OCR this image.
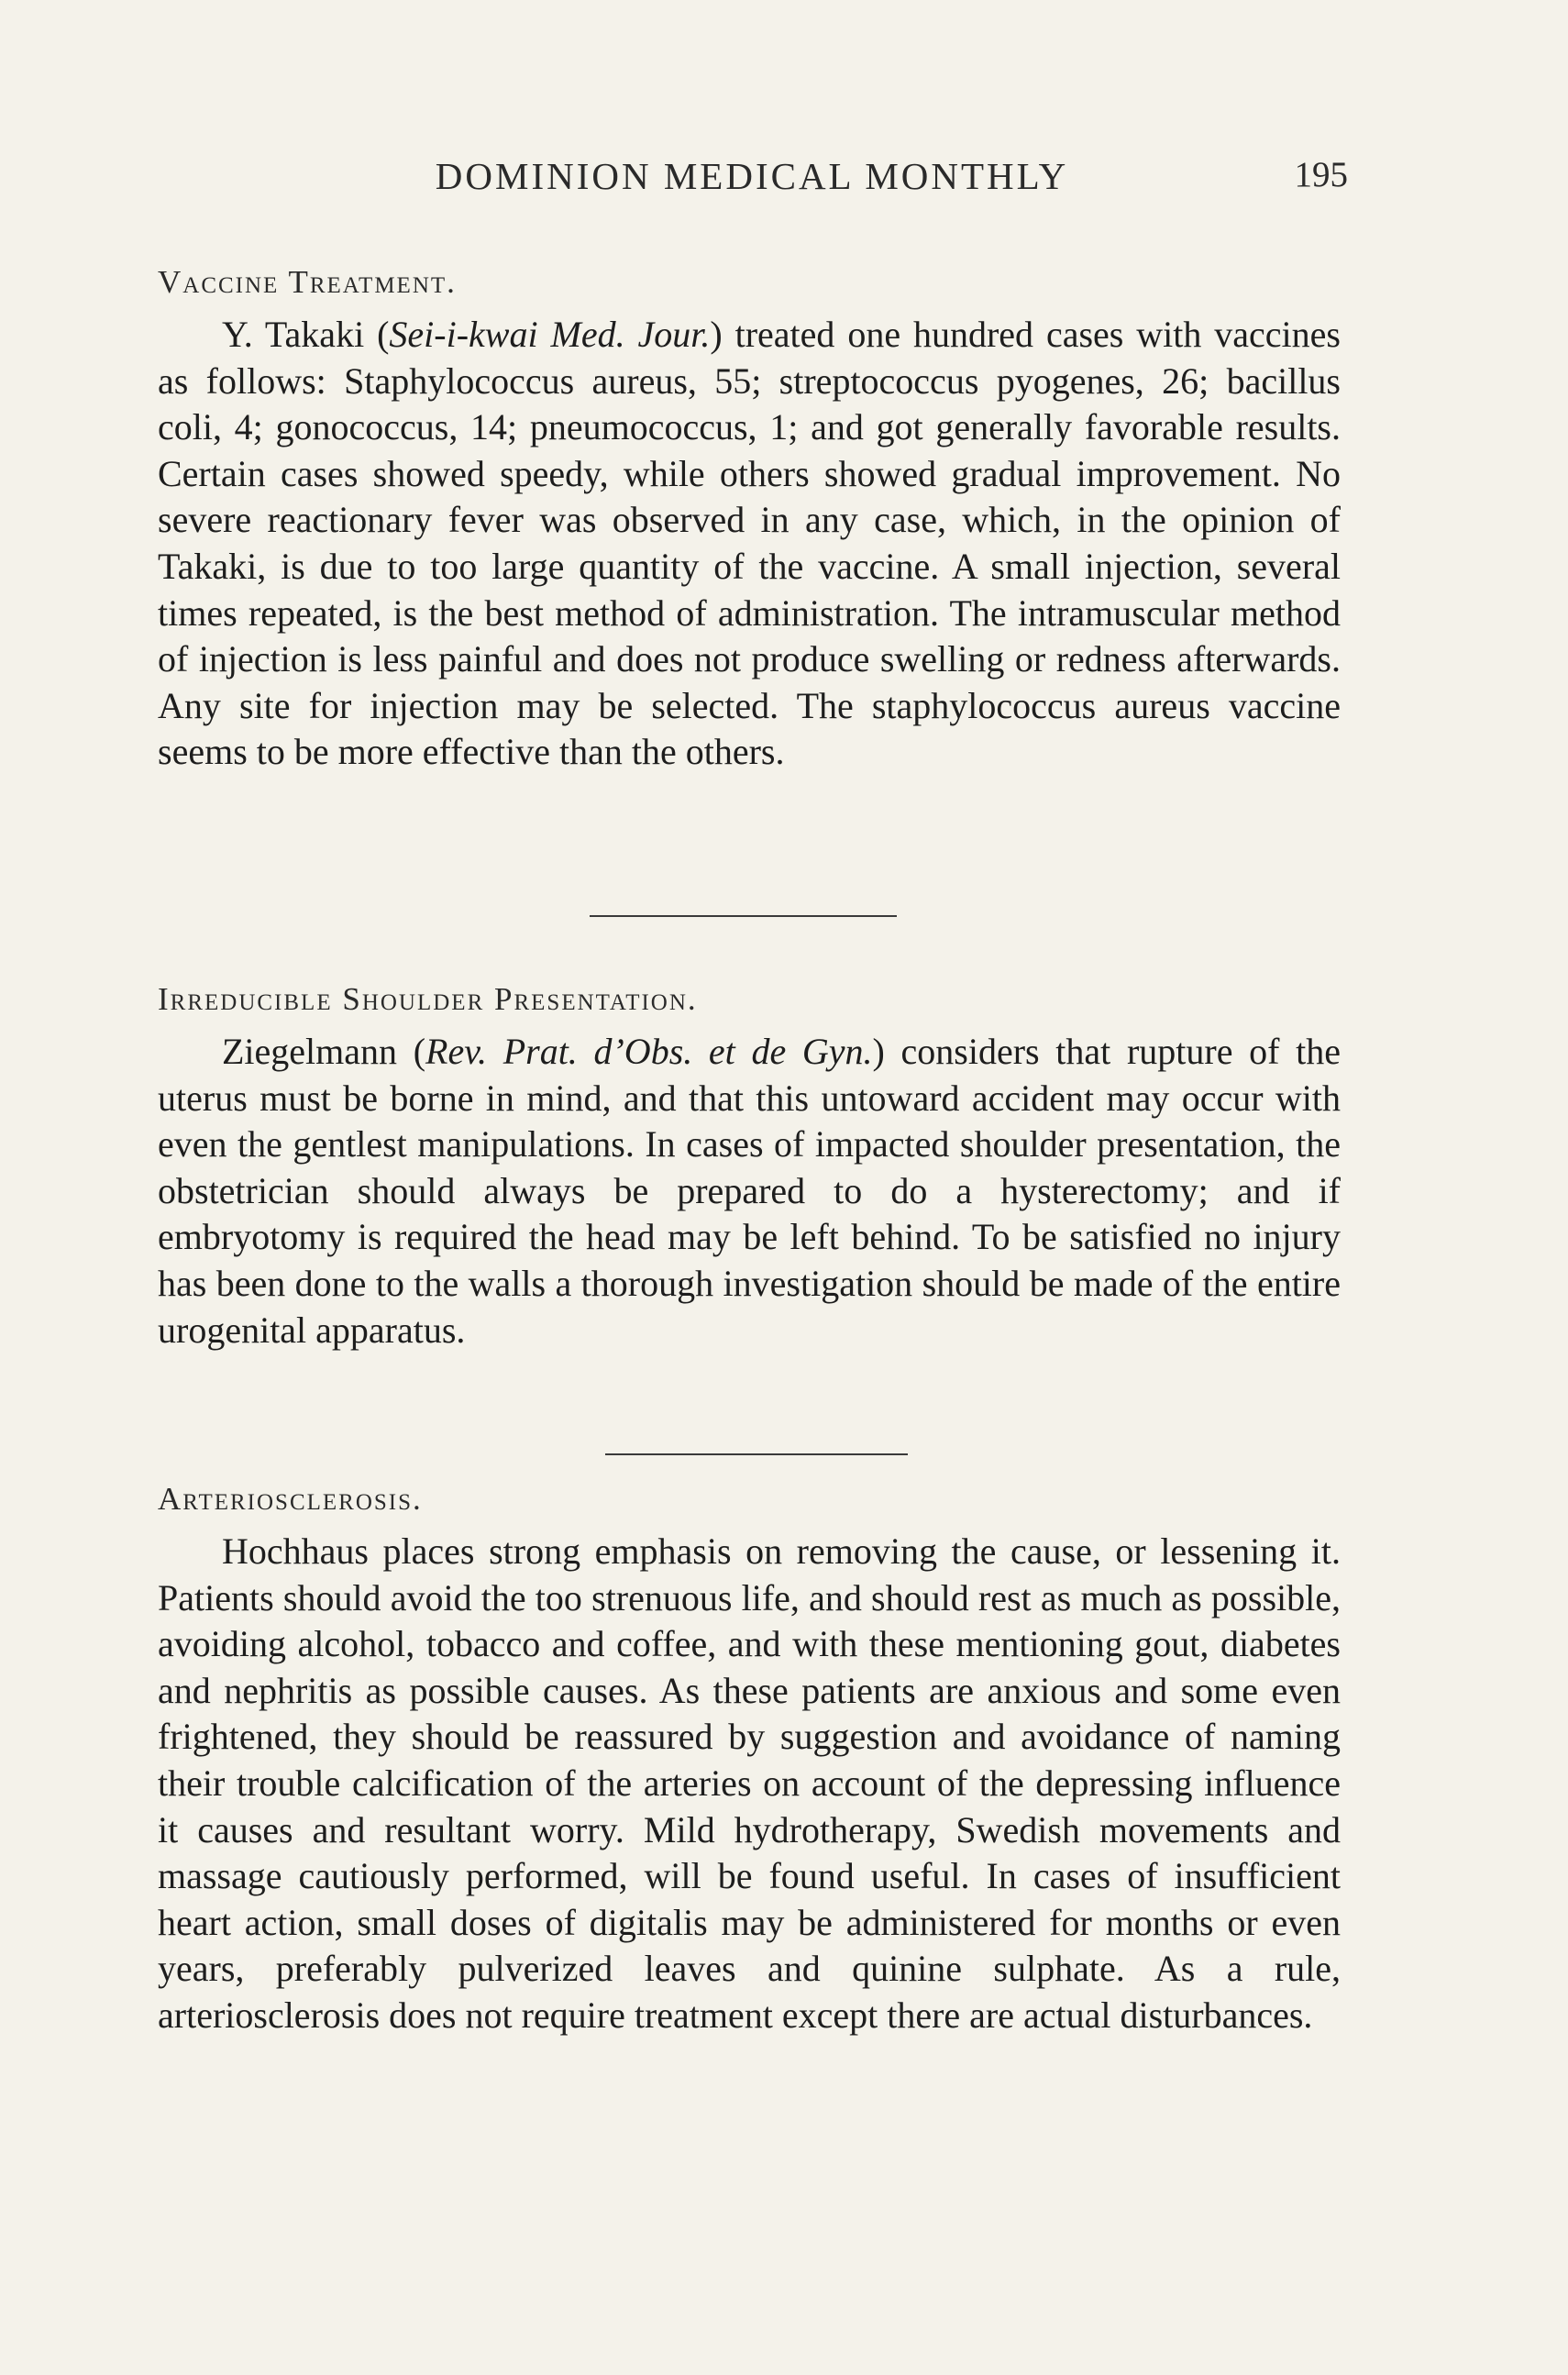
DOMINION MEDICAL MONTHLY	195
Vaccine Treatment.

Y. Takaki (Sei-i-kwai Med. Jour.) treated one hundred cases with vaccines as follows: Staphylococcus aureus, 55; streptococcus pyogenes, 26; bacillus coli, 4; gonococcus, 14; pneumococcus, 1; and got generally favorable results. Certain cases showed speedy, while others showed gradual improvement. No severe reactionary fever was observed in any case, which, in the opinion of Takaki, is due to too large quantity of the vaccine. A small injection, several times repeated, is the best method of administration. The intramuscular method of injection is less painful and does not produce swelling or redness afterwards. Any site for injection may be selected. The staphylococcus aureus vaccine seems to be more effective than the others.

Irreducible Shoulder Presentation.

Ziegelmann (Rev. Prat. d’Obs. et de Gyn.) considers that rupture of the uterus must be borne in mind, and that this untoward accident may occur with even the gentlest manipulations. In cases of impacted shoulder presentation, the obstetrician should always be prepared to do a hysterectomy; and if embryotomy is required the head may be left behind. To be satisfied no injury has been done to the walls a thorough investigation should be made of the entire urogenital apparatus.

Arteriosclerosis.

Hochhaus places strong emphasis on removing the cause, or lessening it. Patients should avoid the too strenuous life, and should rest as much as possible, avoiding alcohol, tobacco and coffee, and with these mentioning gout, diabetes and nephritis as possible causes. As these patients are anxious and some even frightened, they should be reassured by suggestion and avoidance of naming their trouble calcification of the arteries on account of the depressing influence it causes and resultant worry. Mild hydrotherapy, Swedish movements and massage cautiously performed, will be found useful. In cases of insufficient heart action, small doses of digitalis may be administered for months or even years, preferably pulverized leaves and quinine sulphate. As a rule, arteriosclerosis does not require treatment except there are actual disturbances.
